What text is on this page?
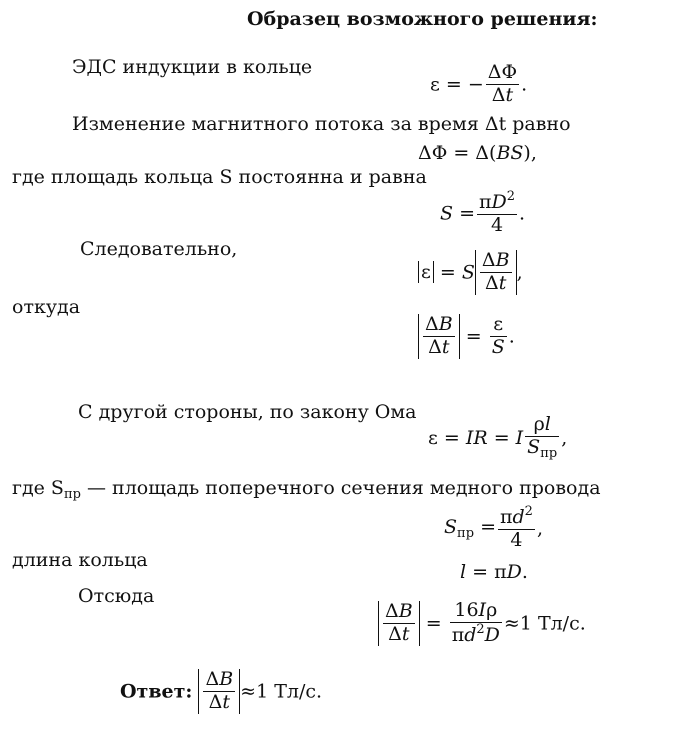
Образец возможного решения:
ЭДС индукции в кольце
ε = − $\frac{\Delta\Phi}{\Delta t}$ .
Изменение магнитного потока за время Δt равно
ΔΦ = Δ(BS),
где площадь кольца S постоянна и равна
$S = \frac{\pi D^2}{4}$ .
Следовательно,
ε = S $\frac{\Delta B}{\Delta t}$ ,
откуда
$\frac{\Delta B}{\Delta t} = \frac{\varepsilon}{S}$ .
С другой стороны, по закону Ома
ε = IR = I $\frac{\rho l}{S_{пр}}$ ,
где $S_{пр}$ — площадь поперечного сечения медного провода
$S_{пр} = \frac{\pi d^2}{4}$ ,
длина кольца
l = πD.
Отсюда
$\frac{\Delta B}{\Delta t} = \frac{16I\rho}{\pi d^2D} \approx 1$ Тл/с.
Ответ: $\frac{\Delta B}{\Delta t} \approx 1$ Тл/с.
